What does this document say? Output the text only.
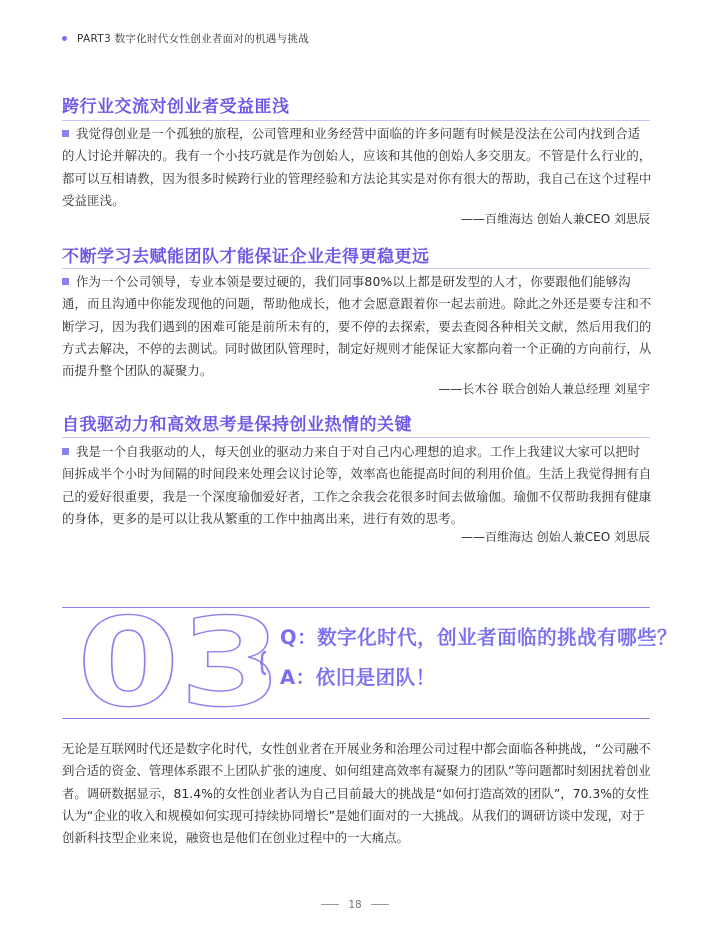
PART3 数字化时代女性创业者面对的机遇与挑战
跨行业交流对创业者受益匪浅
我觉得创业是一个孤独的旅程，公司管理和业务经营中面临的许多问题有时候是没法在公司内找到合适的人讨论并解决的。我有一个小技巧就是作为创始人，应该和其他的创始人多交朋友。不管是什么行业的，都可以互相请教，因为很多时候跨行业的管理经验和方法论其实是对你有很大的帮助，我自己在这个过程中受益匪浅。
——百维海达 创始人兼CEO 刘思辰
不断学习去赋能团队才能保证企业走得更稳更远
作为一个公司领导，专业本领是要过硬的，我们同事80%以上都是研发型的人才，你要跟他们能够沟通，而且沟通中你能发现他的问题，帮助他成长，他才会愿意跟着你一起去前进。除此之外还是要专注和不断学习，因为我们遇到的困难可能是前所未有的，要不停的去探索，要去查阅各种相关文献，然后用我们的方式去解决，不停的去测试。同时做团队管理时，制定好规则才能保证大家都向着一个正确的方向前行，从而提升整个团队的凝聚力。
——长木谷 联合创始人兼总经理 刘星宇
自我驱动力和高效思考是保持创业热情的关键
我是一个自我驱动的人，每天创业的驱动力来自于对自己内心理想的追求。工作上我建议大家可以把时间拆成半个小时为间隔的时间段来处理会议讨论等，效率高也能提高时间的利用价值。生活上我觉得拥有自己的爱好很重要，我是一个深度瑜伽爱好者，工作之余我会花很多时间去做瑜伽。瑜伽不仅帮助我拥有健康的身体，更多的是可以让我从繁重的工作中抽离出来，进行有效的思考。
——百维海达 创始人兼CEO 刘思辰
03
Q：数字化时代，创业者面临的挑战有哪些？
A：依旧是团队！
无论是互联网时代还是数字化时代，女性创业者在开展业务和治理公司过程中都会面临各种挑战，“公司融不到合适的资金、管理体系跟不上团队扩张的速度、如何组建高效率有凝聚力的团队”等问题都时刻困扰着创业者。调研数据显示，81.4%的女性创业者认为自己目前最大的挑战是“如何打造高效的团队”，70.3%的女性认为“企业的收入和规模如何实现可持续协同增长”是她们面对的一大挑战。从我们的调研访谈中发现，对于创新科技型企业来说，融资也是他们在创业过程中的一大痛点。
18
